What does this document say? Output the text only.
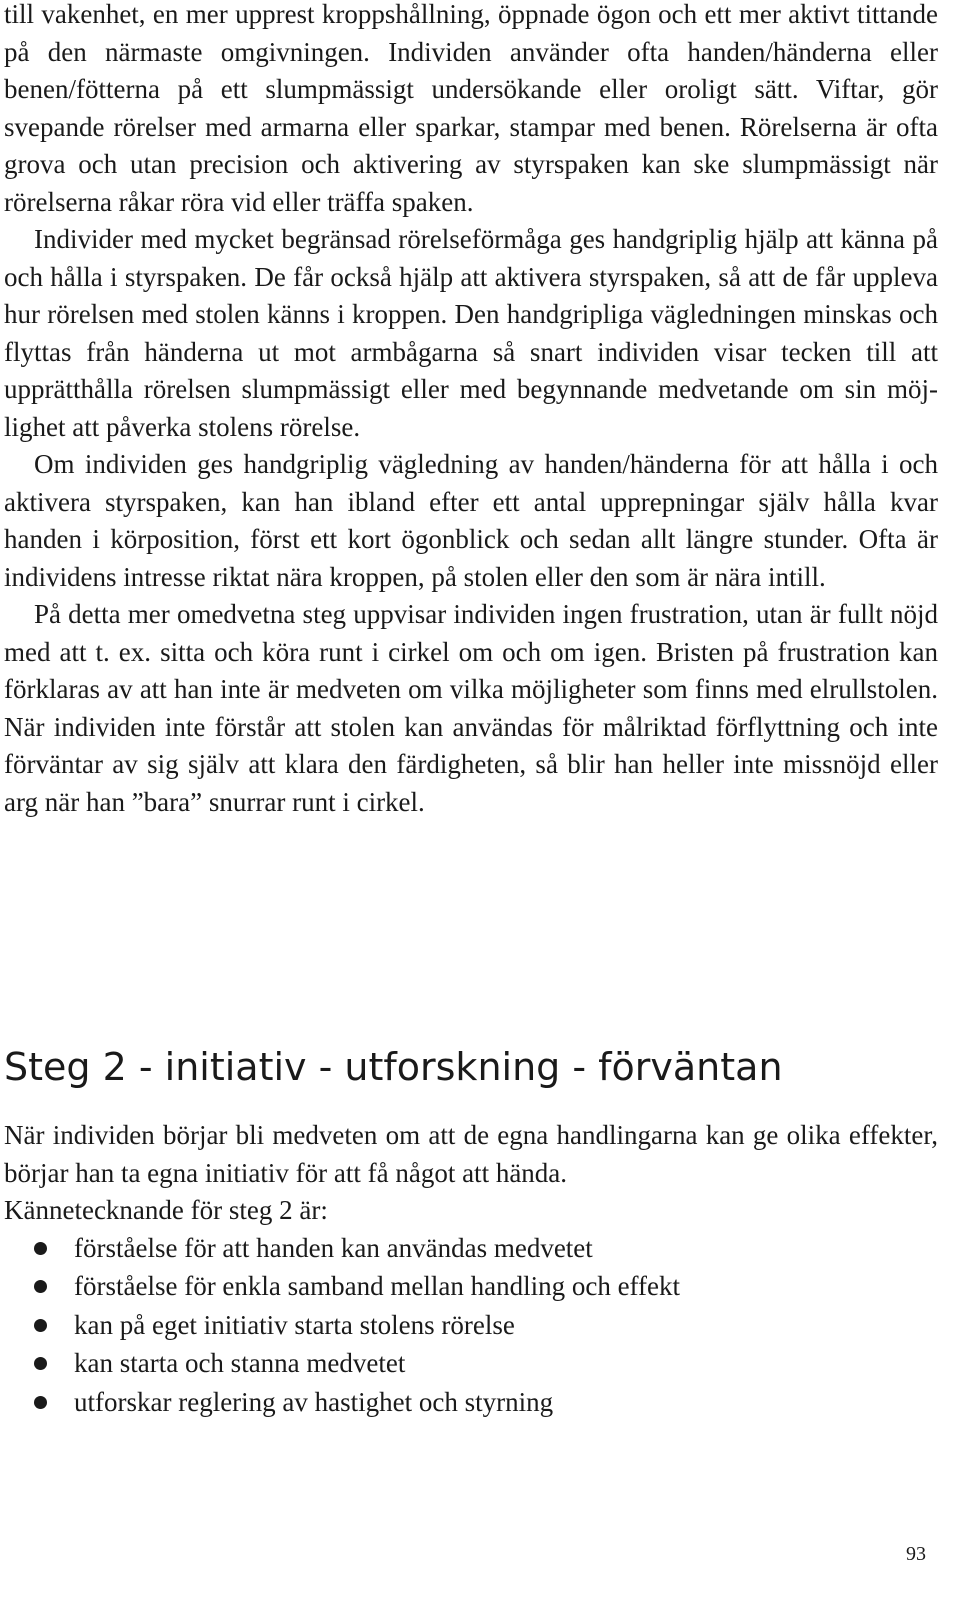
till vakenhet, en mer upprest kroppshållning, öppnade ögon och ett mer aktivt tittande på den närmaste omgivningen. Individen använder ofta handen/händerna eller benen/fötterna på ett slumpmässigt undersökande eller oroligt sätt. Viftar, gör svepande rörelser med armarna eller sparkar, stampar med benen. Rörelserna är ofta grova och utan precision och aktivering av styrspaken kan ske slumpmässigt när rörelserna råkar röra vid eller träffa spaken.

Individer med mycket begränsad rörelseförmåga ges handgriplig hjälp att känna på och hålla i styrspaken. De får också hjälp att aktivera styrspaken, så att de får uppleva hur rörelsen med stolen känns i kroppen. Den handgripliga vägledningen minskas och flyttas från händerna ut mot armbågarna så snart individen visar tecken till att upprätthålla rörelsen slumpmässigt eller med begynnande medvetande om sin möjlighet att påverka stolens rörelse.

Om individen ges handgriplig vägledning av handen/händerna för att hålla i och aktivera styrspaken, kan han ibland efter ett antal upprepningar själv hålla kvar handen i körposition, först ett kort ögonblick och sedan allt längre stunder. Ofta är individens intresse riktat nära kroppen, på stolen eller den som är nära intill.

På detta mer omedvetna steg uppvisar individen ingen frustration, utan är fullt nöjd med att t. ex. sitta och köra runt i cirkel om och om igen. Bristen på frustration kan förklaras av att han inte är medveten om vilka möjligheter som finns med elrullstolen. När individen inte förstår att stolen kan användas för målriktad förflyttning och inte förväntar av sig själv att klara den färdigheten, så blir han heller inte missnöjd eller arg när han ”bara” snurrar runt i cirkel.

Steg 2 - initiativ - utforskning - förväntan

När individen börjar bli medveten om att de egna handlingarna kan ge olika effekter, börjar han ta egna initiativ för att få något att hända.

Kännetecknande för steg 2 är:

förståelse för att handen kan användas medvetet
förståelse för enkla samband mellan handling och effekt
kan på eget initiativ starta stolens rörelse
kan starta och stanna medvetet
utforskar reglering av hastighet och styrning
93
